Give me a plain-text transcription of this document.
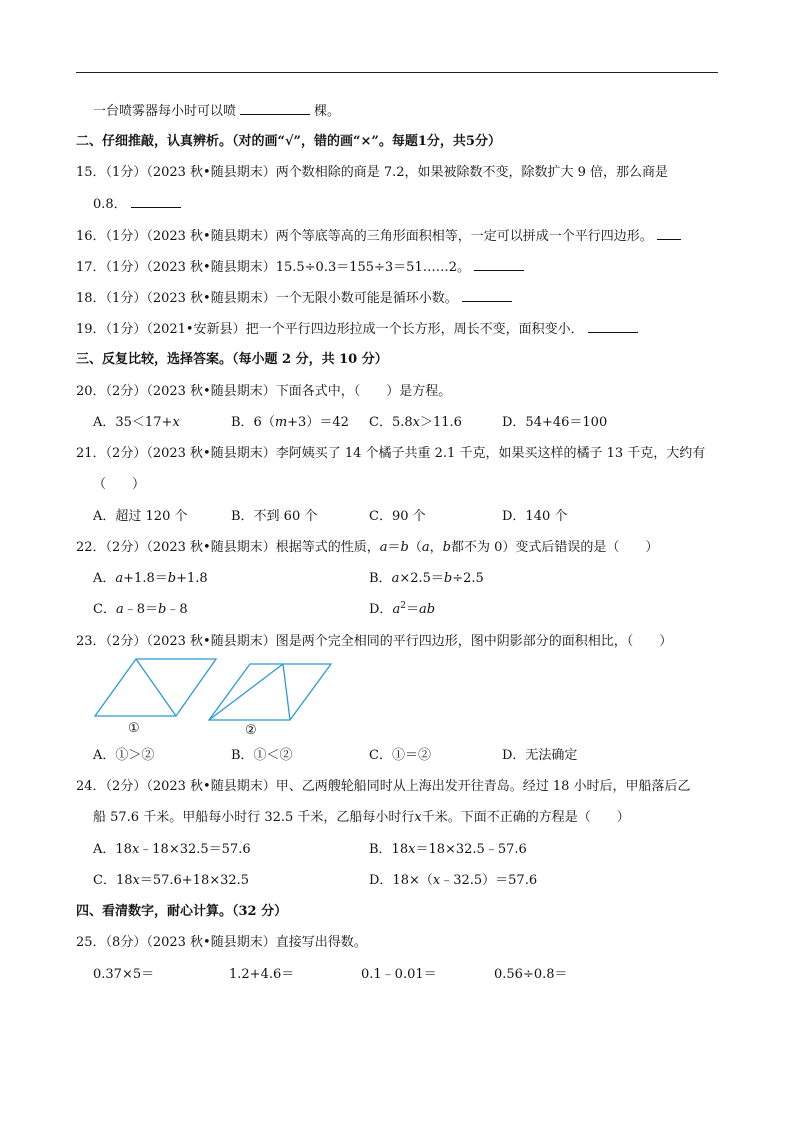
一台喷雾器每小时可以喷	棵。
二、仔细推敲，认真辨析。（对的画“√”，错的画“×”。每题1分，共5分）
15．（1分）（2023 秋•随县期末）两个数相除的商是 7.2，如果被除数不变，除数扩大 9 倍，那么商是
0.8．
16．（1分）（2023 秋•随县期末）两个等底等高的三角形面积相等，一定可以拼成一个平行四边形。
17．（1分）（2023 秋•随县期末）15.5÷0.3＝155÷3＝51……2。
18．（1分）（2023 秋•随县期末）一个无限小数可能是循环小数。
19．（1分）（2021•安新县）把一个平行四边形拉成一个长方形，周长不变，面积变小．
三、反复比较，选择答案。（每小题 2 分，共 10 分）
20．（2分）（2023 秋•随县期末）下面各式中，（　　）是方程。
A．35＜17+x	B．6（m+3）＝42 C．5.8x＞11.6	D．54+46＝100
21．（2分）（2023 秋•随县期末）李阿姨买了 14 个橘子共重 2.1 千克，如果买这样的橘子 13 千克，大约有
（　　）
A．超过 120 个	B．不到 60 个	C．90 个	D．140 个
22．（2分）（2023 秋•随县期末）根据等式的性质，a＝b（a，b都不为 0）变式后错误的是（　　）
A．a+1.8＝b+1.8	B．a×2.5＝b÷2.5
C．a﹣8＝b﹣8	D．$a^2=ab$
23．（2分）（2023 秋•随县期末）图是两个完全相同的平行四边形，图中阴影部分的面积相比，（　　）
①	②
A．①＞②	B．①＜②	C．①＝②	D．无法确定
24．（2分）（2023 秋•随县期末）甲、乙两艘轮船同时从上海出发开往青岛。经过 18 小时后，甲船落后乙
船 57.6 千米。甲船每小时行 32.5 千米，乙船每小时行x千米。下面不正确的方程是（　　）
A．18x﹣18×32.5＝57.6	B．18x＝18×32.5﹣57.6
C．18x＝57.6+18×32.5	D．18×（x﹣32.5）＝57.6
四、看清数字，耐心计算。（32 分）
25．（8分）（2023 秋•随县期末）直接写出得数。
0.37×5＝	1.2+4.6＝	0.1﹣0.01＝	0.56÷0.8＝
